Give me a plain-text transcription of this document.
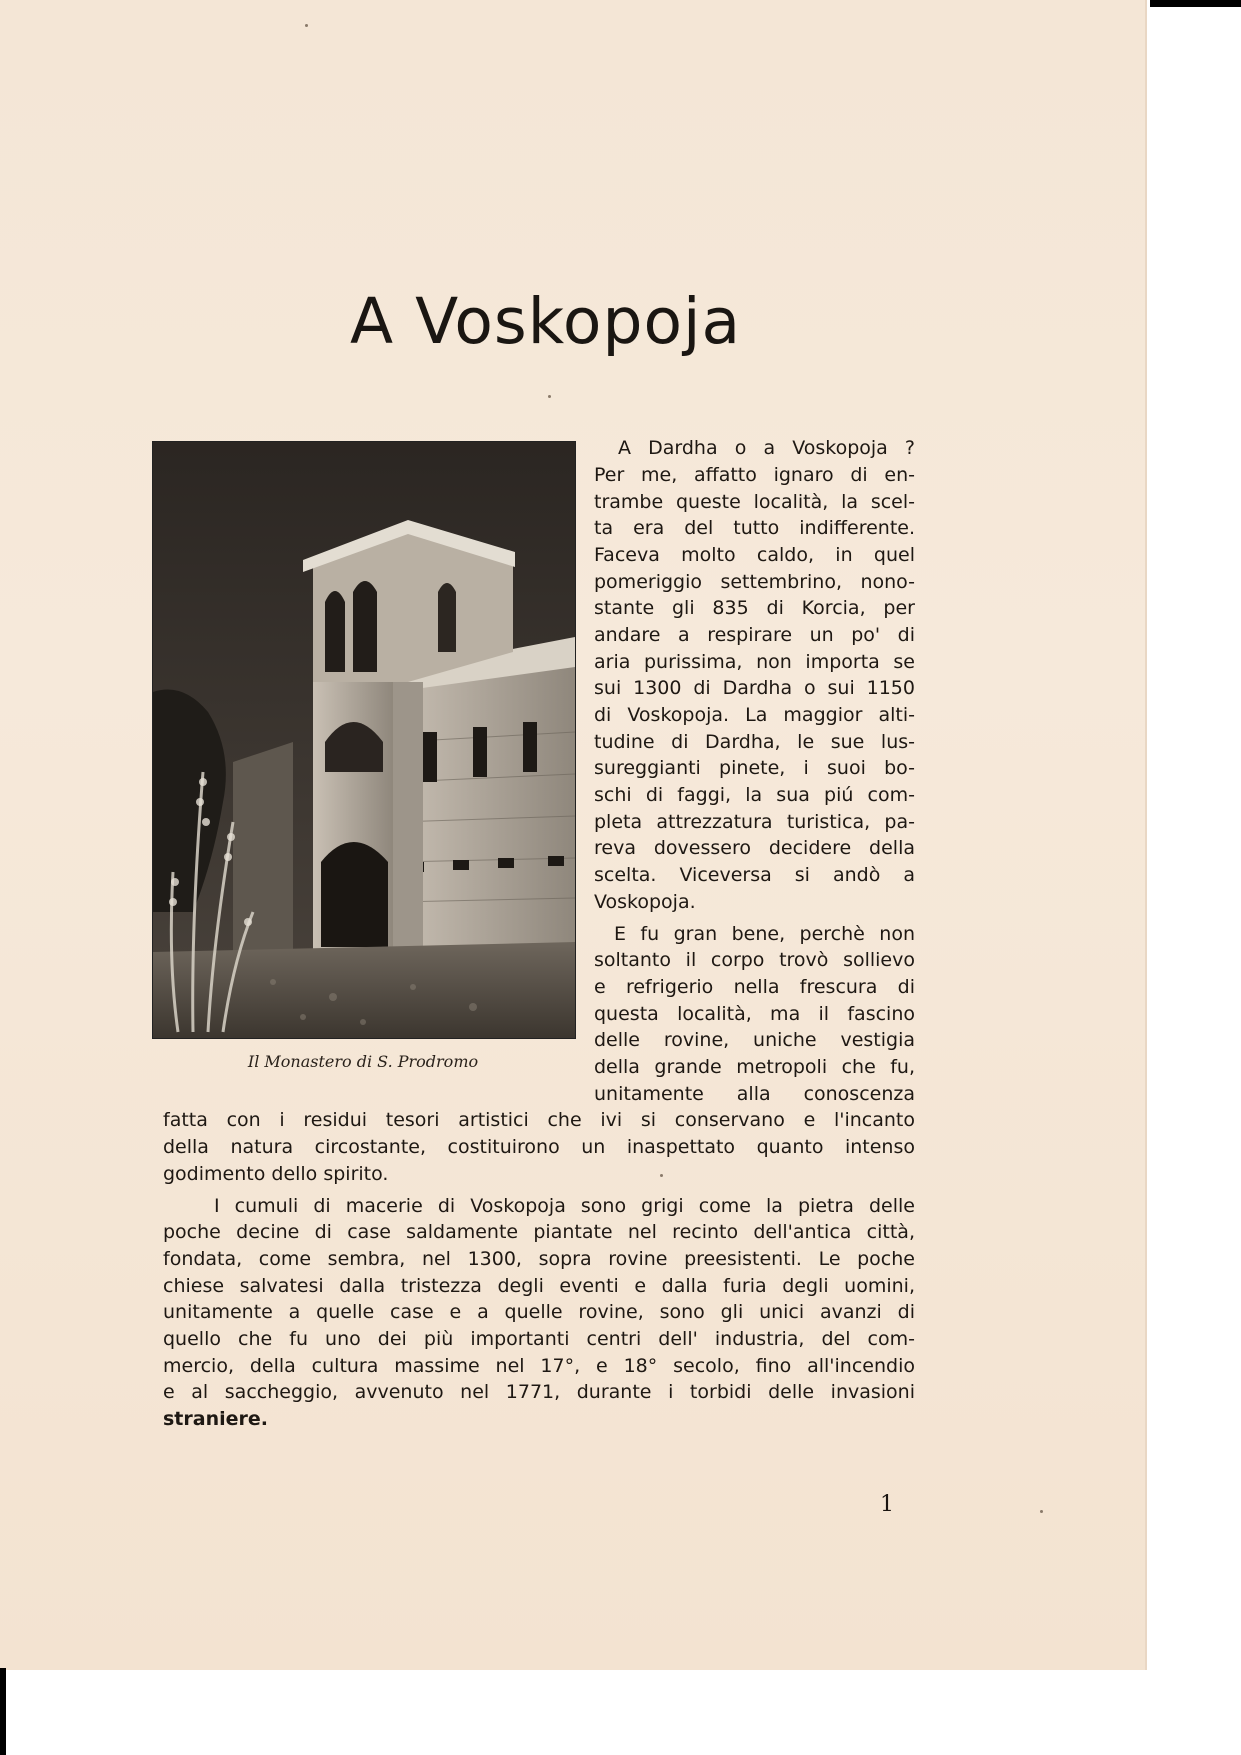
A Voskopoja
Il Monastero di S. Prodromo
A Dardha o a Voskopoja ?
Per me, affatto ignaro di en-
trambe queste località, la scel-
ta era del tutto indifferente.
Faceva molto caldo, in quel
pomeriggio settembrino, nono-
stante gli 835 di Korcia, per
andare a respirare un po' di
aria purissima, non importa se
sui 1300 di Dardha o sui 1150
di Voskopoja. La maggior alti-
tudine di Dardha, le sue lus-
sureggianti pinete, i suoi bo-
schi di faggi, la sua piú com-
pleta attrezzatura turistica, pa-
reva dovessero decidere della
scelta. Viceversa si andò a
Voskopoja.
E fu gran bene, perchè non
soltanto il corpo trovò sollievo
e refrigerio nella frescura di
questa località, ma il fascino
delle rovine, uniche vestigia
della grande metropoli che fu,
unitamente alla conoscenza
fatta con i residui tesori artistici che ivi si conservano e l'incanto
della natura circostante, costituirono un inaspettato quanto intenso
godimento dello spirito.
I cumuli di macerie di Voskopoja sono grigi come la pietra delle
poche decine di case saldamente piantate nel recinto dell'antica città,
fondata, come sembra, nel 1300, sopra rovine preesistenti. Le poche
chiese salvatesi dalla tristezza degli eventi e dalla furia degli uomini,
unitamente a quelle case e a quelle rovine, sono gli unici avanzi di
quello che fu uno dei più importanti centri dell' industria, del com-
mercio, della cultura massime nel 17°, e 18° secolo, fino all'incendio
e al saccheggio, avvenuto nel 1771, durante i torbidi delle invasioni
straniere.
1
